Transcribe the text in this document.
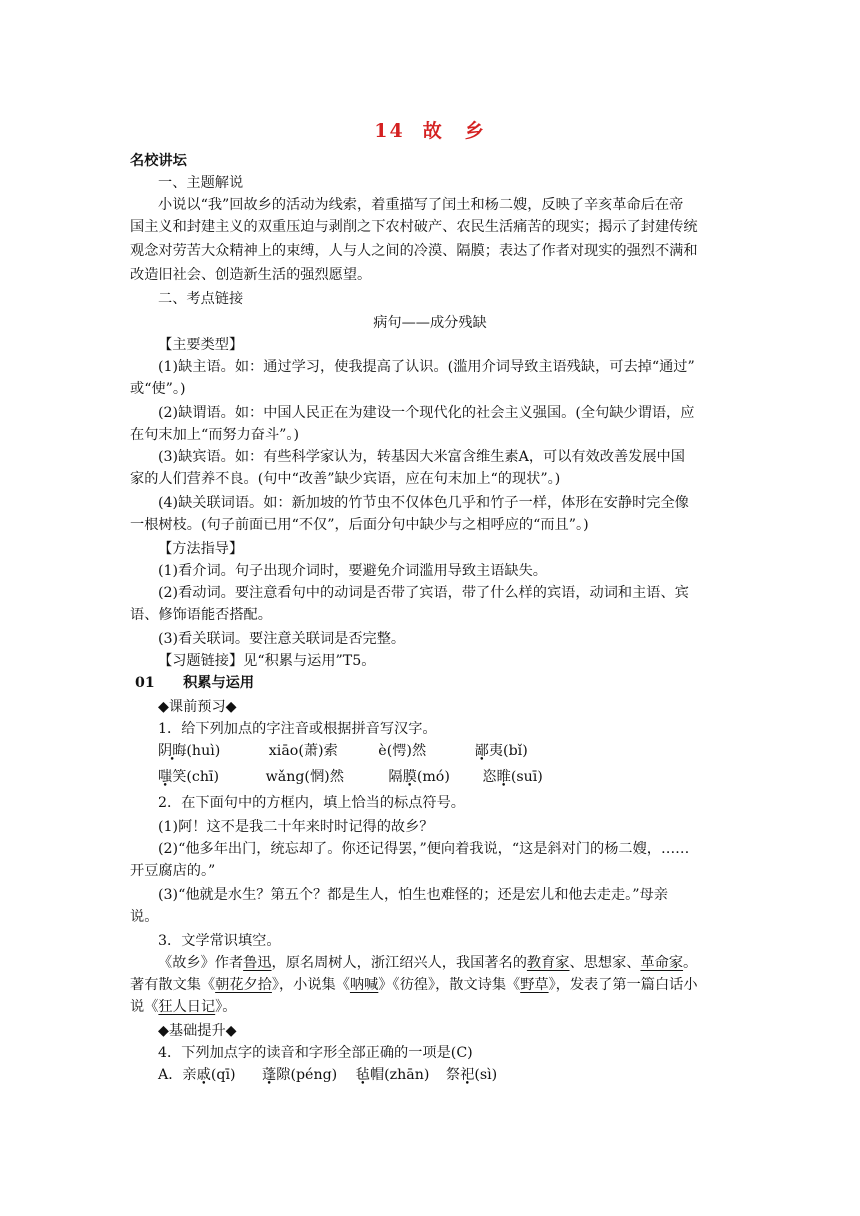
14 故　乡
名校讲坛
一、主题解说
小说以“我”回故乡的活动为线索，着重描写了闰土和杨二嫂，反映了辛亥革命后在帝
国主义和封建主义的双重压迫与剥削之下农村破产、农民生活痛苦的现实；揭示了封建传统
观念对劳苦大众精神上的束缚，人与人之间的冷漠、隔膜；表达了作者对现实的强烈不满和
改造旧社会、创造新生活的强烈愿望。
二、考点链接
病句——成分残缺
【主要类型】
(1)缺主语。如：通过学习，使我提高了认识。(滥用介词导致主语残缺，可去掉“通过”
或“使”。)
(2)缺谓语。如：中国人民正在为建设一个现代化的社会主义强国。(全句缺少谓语，应
在句末加上“而努力奋斗”。)
(3)缺宾语。如：有些科学家认为，转基因大米富含维生素A，可以有效改善发展中国
家的人们营养不良。(句中“改善”缺少宾语，应在句末加上“的现状”。)
(4)缺关联词语。如：新加坡的竹节虫不仅体色几乎和竹子一样，体形在安静时完全像
一根树枝。(句子前面已用“不仅”，后面分句中缺少与之相呼应的“而且”。)
【方法指导】
(1)看介词。句子出现介词时，要避免介词滥用导致主语缺失。
(2)看动词。要注意看句中的动词是否带了宾语，带了什么样的宾语，动词和主语、宾
语、修饰语能否搭配。
(3)看关联词。要注意关联词是否完整。
【习题链接】见“积累与运用”T5。
01　　积累与运用
◆课前预习◆
1．给下列加点的字注音或根据拼音写汉字。
阴晦(huì)	xiāo(萧)索	è(愕)然	鄙夷(bǐ)
嗤笑(chī)	wǎng(惘)然	隔膜(mó) 恣睢(suī)
2．在下面句中的方框内，填上恰当的标点符号。
(1)阿！这不是我二十年来时时记得的故乡？
(2)“他多年出门，统忘却了。你还记得罢，”便向着我说，“这是斜对门的杨二嫂，……
开豆腐店的。”
(3)“他就是水生？第五个？都是生人，怕生也难怪的；还是宏儿和他去走走。”母亲
说。
3．文学常识填空。
《故乡》作者鲁迅，原名周树人，浙江绍兴人，我国著名的教育家、思想家、革命家。
著有散文集《朝花夕拾》，小说集《呐喊》《彷徨》，散文诗集《野草》，发表了第一篇白话小
说《狂人日记》。
◆基础提升◆
4．下列加点字的读音和字形全部正确的一项是(C)
A．亲戚(qī) 蓬隙(péng) 毡帽(zhān) 祭祀(sì)
